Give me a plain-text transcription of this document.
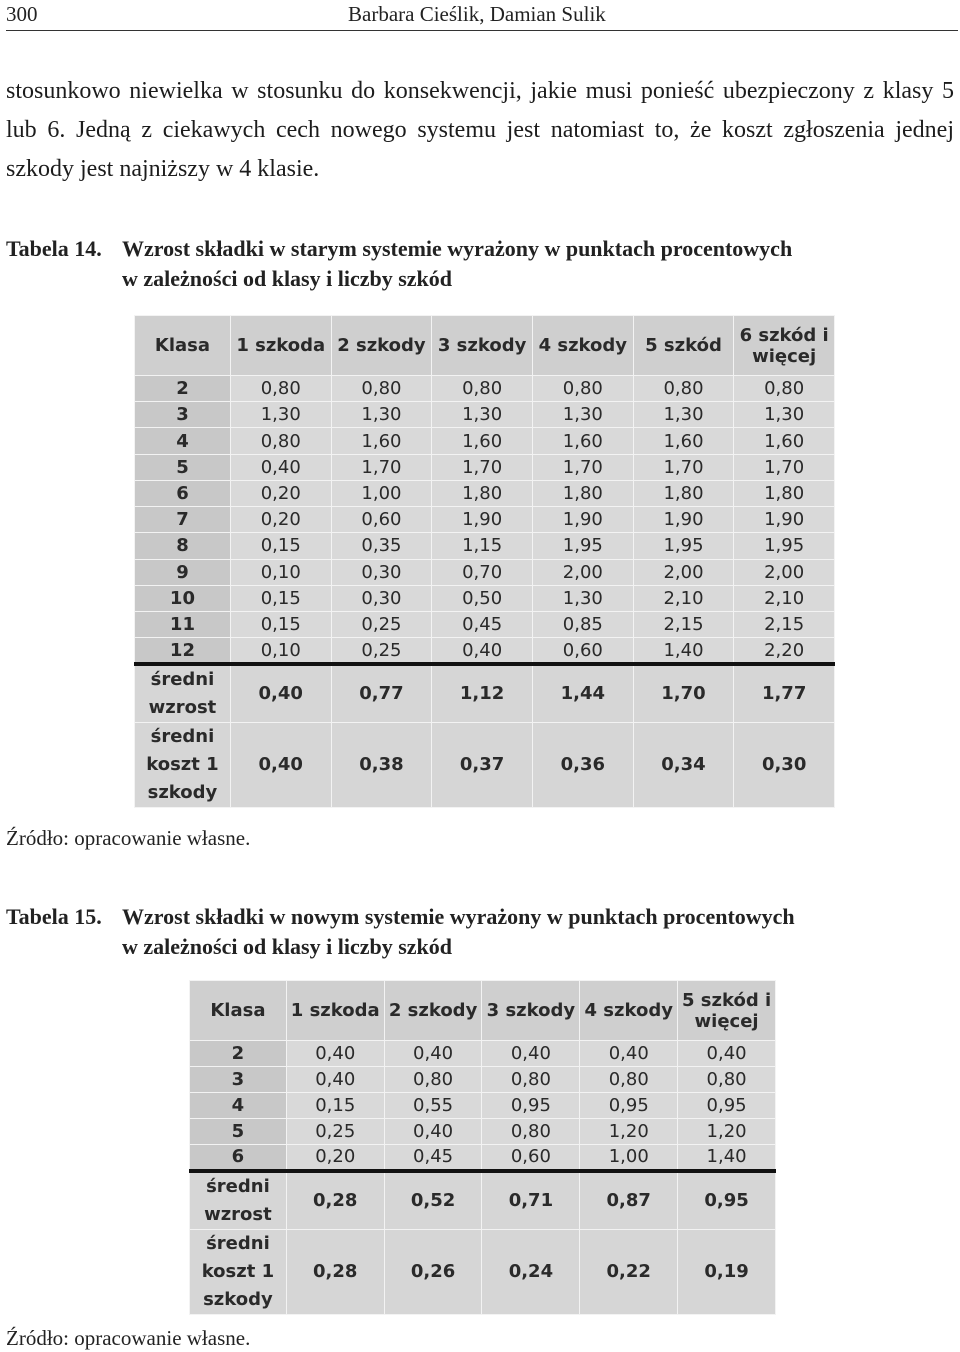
300	Barbara Cieślik, Damian Sulik

stosunkowo niewielka w stosunku do konsekwencji, jakie musi ponieść ubezpieczony z klasy 5 lub 6. Jedną z ciekawych cech nowego systemu jest natomiast to, że koszt zgłoszenia jednej szkody jest najniższy w 4 klasie.

Tabela 14. Wzrost składki w starym systemie wyrażony w punktach procentowych
w zależności od klasy i liczby szkód

Klasa	1 szkoda	2 szkody	3 szkody	4 szkody	5 szkód	6 szkód i więcej
2	0,80	0,80	0,80	0,80	0,80	0,80
3	1,30	1,30	1,30	1,30	1,30	1,30
4	0,80	1,60	1,60	1,60	1,60	1,60
5	0,40	1,70	1,70	1,70	1,70	1,70
6	0,20	1,00	1,80	1,80	1,80	1,80
7	0,20	0,60	1,90	1,90	1,90	1,90
8	0,15	0,35	1,15	1,95	1,95	1,95
9	0,10	0,30	0,70	2,00	2,00	2,00
10	0,15	0,30	0,50	1,30	2,10	2,10
11	0,15	0,25	0,45	0,85	2,15	2,15
12	0,10	0,25	0,40	0,60	1,40	2,20
średni wzrost	0,40	0,77	1,12	1,44	1,70	1,77
średni koszt 1 szkody	0,40	0,38	0,37	0,36	0,34	0,30

Źródło: opracowanie własne.

Tabela 15. Wzrost składki w nowym systemie wyrażony w punktach procentowych
w zależności od klasy i liczby szkód

Klasa	1 szkoda	2 szkody	3 szkody	4 szkody	5 szkód i więcej
2	0,40	0,40	0,40	0,40	0,40
3	0,40	0,80	0,80	0,80	0,80
4	0,15	0,55	0,95	0,95	0,95
5	0,25	0,40	0,80	1,20	1,20
6	0,20	0,45	0,60	1,00	1,40
średni wzrost	0,28	0,52	0,71	0,87	0,95
średni koszt 1 szkody	0,28	0,26	0,24	0,22	0,19

Źródło: opracowanie własne.
